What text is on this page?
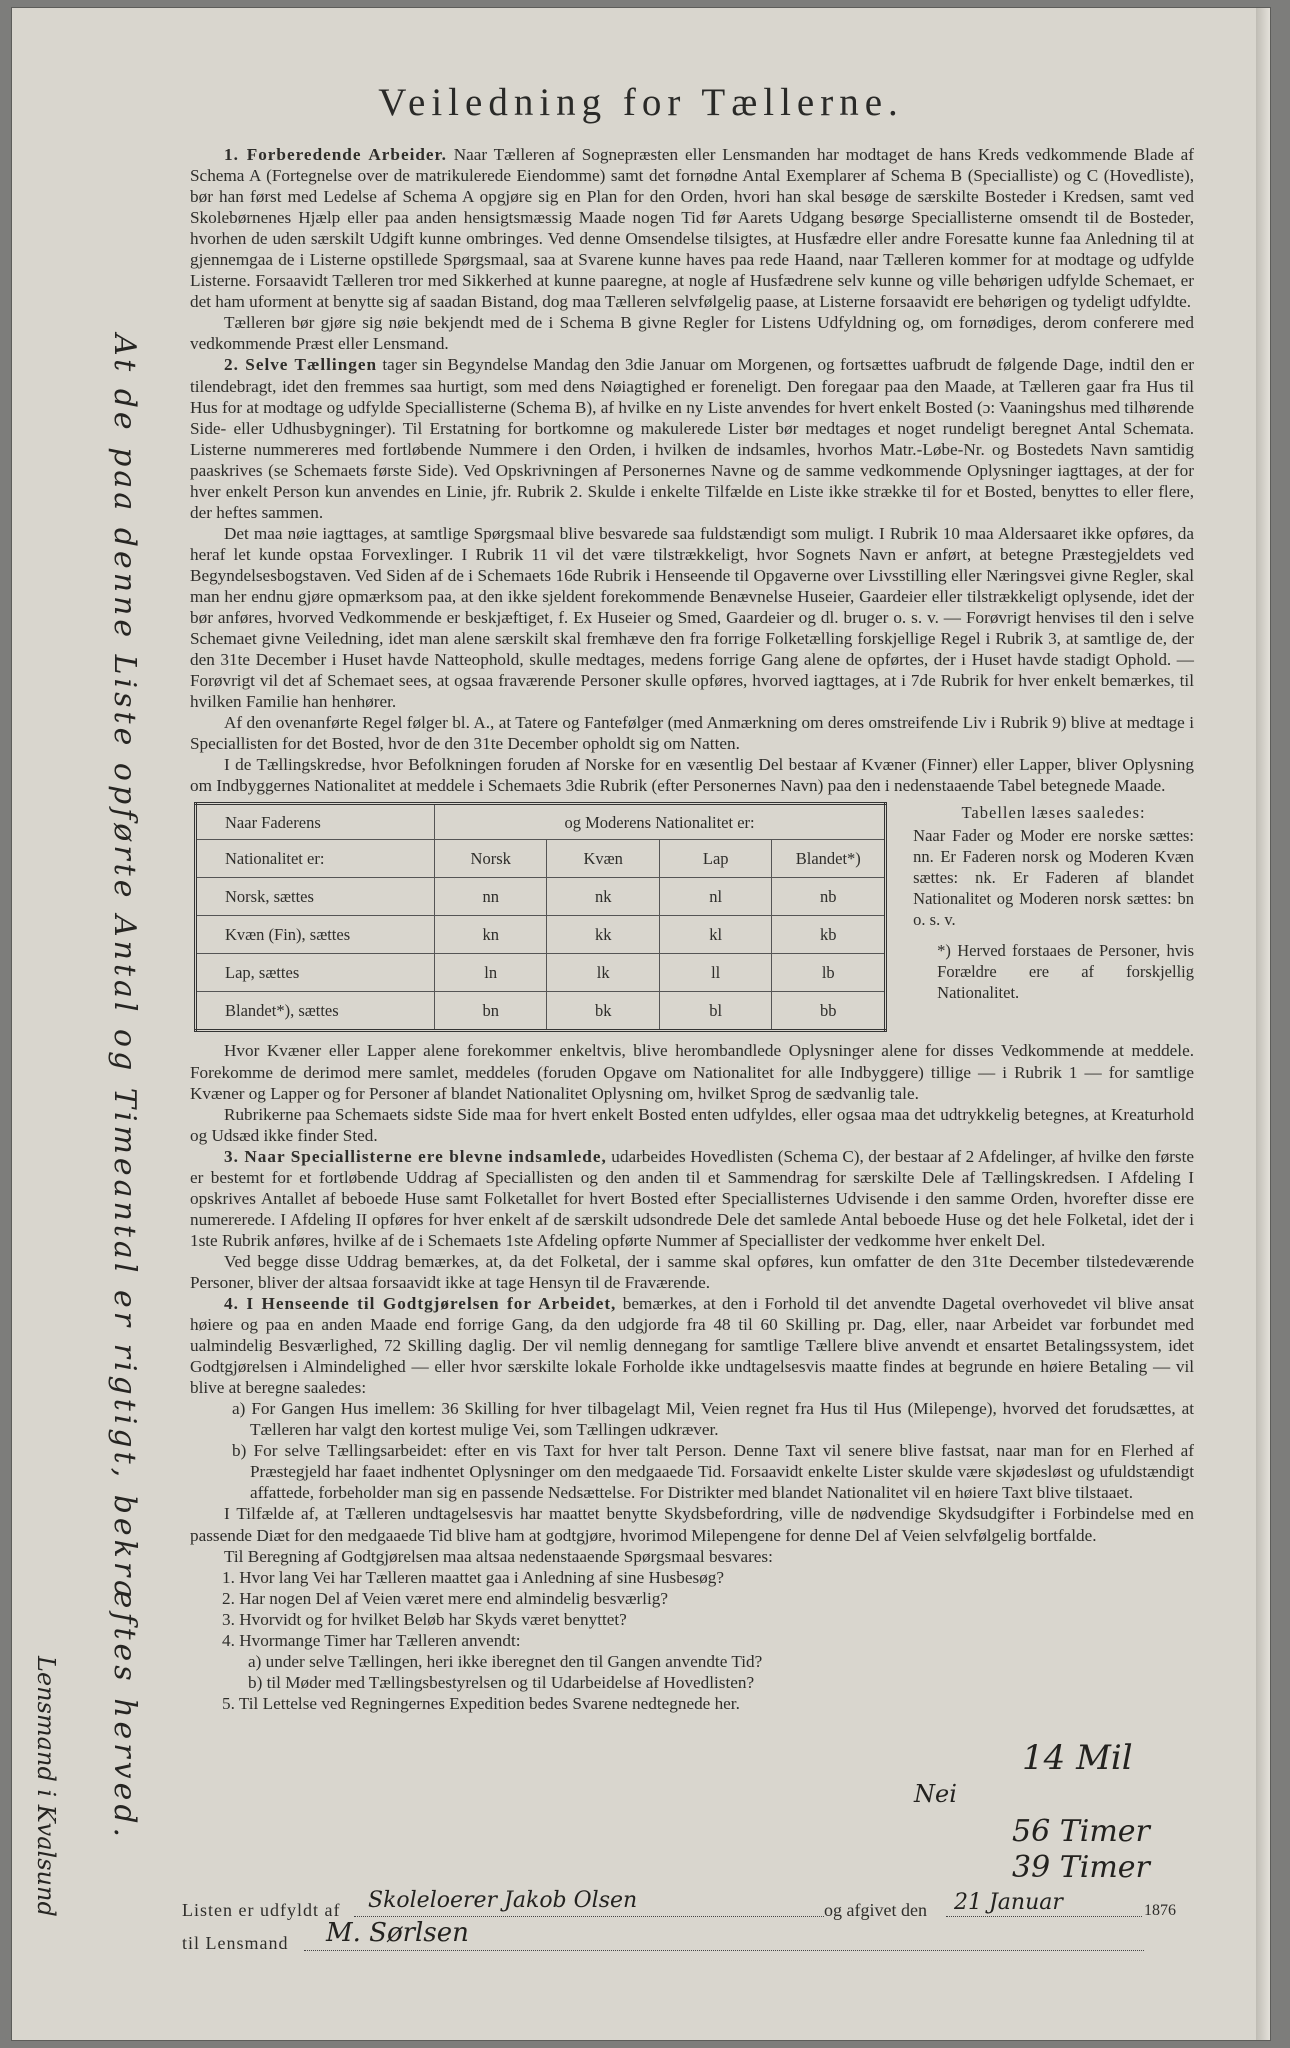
Veiledning for Tællerne.

1. Forberedende Arbeider. Naar Tælleren af Sognepræsten eller Lensmanden har modtaget de hans Kreds vedkommende Blade af Schema A (Fortegnelse over de matrikulerede Eiendomme) samt det fornødne Antal Exemplarer af Schema B (Specialliste) og C (Hovedliste), bør han først med Ledelse af Schema A opgjøre sig en Plan for den Orden, hvori han skal besøge de særskilte Bosteder i Kredsen, samt ved Skolebørnenes Hjælp eller paa anden hensigtsmæssig Maade nogen Tid før Aarets Udgang besørge Speciallisterne omsendt til de Bosteder, hvorhen de uden særskilt Udgift kunne ombringes. Ved denne Omsendelse tilsigtes, at Husfædre eller andre Foresatte kunne faa Anledning til at gjennemgaa de i Listerne opstillede Spørgsmaal, saa at Svarene kunne haves paa rede Haand, naar Tælleren kommer for at modtage og udfylde Listerne. Forsaavidt Tælleren tror med Sikkerhed at kunne paaregne, at nogle af Husfædrene selv kunne og ville behørigen udfylde Schemaet, er det ham uforment at benytte sig af saadan Bistand, dog maa Tælleren selvfølgelig paase, at Listerne forsaavidt ere behørigen og tydeligt udfyldte.

Tælleren bør gjøre sig nøie bekjendt med de i Schema B givne Regler for Listens Udfyldning og, om fornødiges, derom conferere med vedkommende Præst eller Lensmand.

2. Selve Tællingen tager sin Begyndelse Mandag den 3die Januar om Morgenen, og fortsættes uafbrudt de følgende Dage, indtil den er tilendebragt, idet den fremmes saa hurtigt, som med dens Nøiagtighed er foreneligt. Den foregaar paa den Maade, at Tælleren gaar fra Hus til Hus for at modtage og udfylde Speciallisterne (Schema B), af hvilke en ny Liste anvendes for hvert enkelt Bosted (ɔ: Vaaningshus med tilhørende Side- eller Udhusbygninger). Til Erstatning for bortkomne og makulerede Lister bør medtages et noget rundeligt beregnet Antal Schemata. Listerne nummereres med fortløbende Nummere i den Orden, i hvilken de indsamles, hvorhos Matr.-Løbe-Nr. og Bostedets Navn samtidig paaskrives (se Schemaets første Side). Ved Opskrivningen af Personernes Navne og de samme vedkommende Oplysninger iagttages, at der for hver enkelt Person kun anvendes en Linie, jfr. Rubrik 2. Skulde i enkelte Tilfælde en Liste ikke strække til for et Bosted, benyttes to eller flere, der heftes sammen.

Det maa nøie iagttages, at samtlige Spørgsmaal blive besvarede saa fuldstændigt som muligt. I Rubrik 10 maa Aldersaaret ikke opføres, da heraf let kunde opstaa Forvexlinger. I Rubrik 11 vil det være tilstrækkeligt, hvor Sognets Navn er anført, at betegne Præstegjeldets ved Begyndelsesbogstaven. Ved Siden af de i Schemaets 16de Rubrik i Henseende til Opgaverne over Livsstilling eller Næringsvei givne Regler, skal man her endnu gjøre opmærksom paa, at den ikke sjeldent forekommende Benævnelse Huseier, Gaardeier eller tilstrækkeligt oplysende, idet der bør anføres, hvorved Vedkommende er beskjæftiget, f. Ex Huseier og Smed, Gaardeier og dl. bruger o. s. v. — Forøvrigt henvises til den i selve Schemaet givne Veiledning, idet man alene særskilt skal fremhæve den fra forrige Folketælling forskjellige Regel i Rubrik 3, at samtlige de, der den 31te December i Huset havde Natteophold, skulle medtages, medens forrige Gang alene de opførtes, der i Huset havde stadigt Ophold. — Forøvrigt vil det af Schemaet sees, at ogsaa fraværende Personer skulle opføres, hvorved iagttages, at i 7de Rubrik for hver enkelt bemærkes, til hvilken Familie han henhører.

Af den ovenanførte Regel følger bl. A., at Tatere og Fantefølger (med Anmærkning om deres omstreifende Liv i Rubrik 9) blive at medtage i Speciallisten for det Bosted, hvor de den 31te December opholdt sig om Natten.

I de Tællingskredse, hvor Befolkningen foruden af Norske for en væsentlig Del bestaar af Kvæner (Finner) eller Lapper, bliver Oplysning om Indbyggernes Nationalitet at meddele i Schemaets 3die Rubrik (efter Personernes Navn) paa den i nedenstaaende Tabel betegnede Maade.

Naar Faderens	og Moderens Nationalitet er:			
Nationalitet er:	Norsk	Kvæn	Lap	Blandet*)
Norsk, sættes	nn	nk	nl	nb
Kvæn (Fin), sættes	kn	kk	kl	kb
Lap, sættes	ln	lk	ll	lb
Blandet*), sættes	bn	bk	bl	bb
Tabellen læses saaledes:

Naar Fader og Moder ere norske sættes: nn. Er Faderen norsk og Moderen Kvæn sættes: nk. Er Faderen af blandet Nationalitet og Moderen norsk sættes: bn o. s. v.

*) Herved forstaaes de Personer, hvis Forældre ere af forskjellig Nationalitet.

Hvor Kvæner eller Lapper alene forekommer enkeltvis, blive herombandlede Oplysninger alene for disses Vedkommende at meddele. Forekomme de derimod mere samlet, meddeles (foruden Opgave om Nationalitet for alle Indbyggere) tillige — i Rubrik 1 — for samtlige Kvæner og Lapper og for Personer af blandet Nationalitet Oplysning om, hvilket Sprog de sædvanlig tale.

Rubrikerne paa Schemaets sidste Side maa for hvert enkelt Bosted enten udfyldes, eller ogsaa maa det udtrykkelig betegnes, at Kreaturhold og Udsæd ikke finder Sted.

3. Naar Speciallisterne ere blevne indsamlede, udarbeides Hovedlisten (Schema C), der bestaar af 2 Afdelinger, af hvilke den første er bestemt for et fortløbende Uddrag af Speciallisten og den anden til et Sammendrag for særskilte Dele af Tællingskredsen. I Afdeling I opskrives Antallet af beboede Huse samt Folketallet for hvert Bosted efter Speciallisternes Udvisende i den samme Orden, hvorefter disse ere numererede. I Afdeling II opføres for hver enkelt af de særskilt udsondrede Dele det samlede Antal beboede Huse og det hele Folketal, idet der i 1ste Rubrik anføres, hvilke af de i Schemaets 1ste Afdeling opførte Nummer af Speciallister der vedkomme hver enkelt Del.

Ved begge disse Uddrag bemærkes, at, da det Folketal, der i samme skal opføres, kun omfatter de den 31te December tilstedeværende Personer, bliver der altsaa forsaavidt ikke at tage Hensyn til de Fraværende.

4. I Henseende til Godtgjørelsen for Arbeidet, bemærkes, at den i Forhold til det anvendte Dagetal overhovedet vil blive ansat høiere og paa en anden Maade end forrige Gang, da den udgjorde fra 48 til 60 Skilling pr. Dag, eller, naar Arbeidet var forbundet med ualmindelig Besværlighed, 72 Skilling daglig. Der vil nemlig dennegang for samtlige Tællere blive anvendt et ensartet Betalingssystem, idet Godtgjørelsen i Almindelighed — eller hvor særskilte lokale Forholde ikke undtagelsesvis maatte findes at begrunde en høiere Betaling — vil blive at beregne saaledes:

a) For Gangen Hus imellem: 36 Skilling for hver tilbagelagt Mil, Veien regnet fra Hus til Hus (Milepenge), hvorved det forudsættes, at Tælleren har valgt den kortest mulige Vei, som Tællingen udkræver.

b) For selve Tællingsarbeidet: efter en vis Taxt for hver talt Person. Denne Taxt vil senere blive fastsat, naar man for en Flerhed af Præstegjeld har faaet indhentet Oplysninger om den medgaaede Tid. Forsaavidt enkelte Lister skulde være skjødesløst og ufuldstændigt affattede, forbeholder man sig en passende Nedsættelse. For Distrikter med blandet Nationalitet vil en høiere Taxt blive tilstaaet.

I Tilfælde af, at Tælleren undtagelsesvis har maattet benytte Skydsbefordring, ville de nødvendige Skydsudgifter i Forbindelse med en passende Diæt for den medgaaede Tid blive ham at godtgjøre, hvorimod Milepengene for denne Del af Veien selvfølgelig bortfalde.

Til Beregning af Godtgjørelsen maa altsaa nedenstaaende Spørgsmaal besvares:

1. Hvor lang Vei har Tælleren maattet gaa i Anledning af sine Husbesøg?

2. Har nogen Del af Veien været mere end almindelig besværlig?

3. Hvorvidt og for hvilket Beløb har Skyds været benyttet?

4. Hvormange Timer har Tælleren anvendt:

a) under selve Tællingen, heri ikke iberegnet den til Gangen anvendte Tid?

b) til Møder med Tællingsbestyrelsen og til Udarbeidelse af Hovedlisten?

5. Til Lettelse ved Regningernes Expedition bedes Svarene nedtegnede her.

14 Mil
Nei
56 Timer
39 Timer
Listen er udfyldt af Skoleloerer Jakob Olsen	og afgivet den 21 Januar	1876
til Lensmand M. Sørlsen
At de paa denne Liste opførte Antal og Timeantal er rigtigt, bekræftes herved.
Lensmand i Kvalsund
